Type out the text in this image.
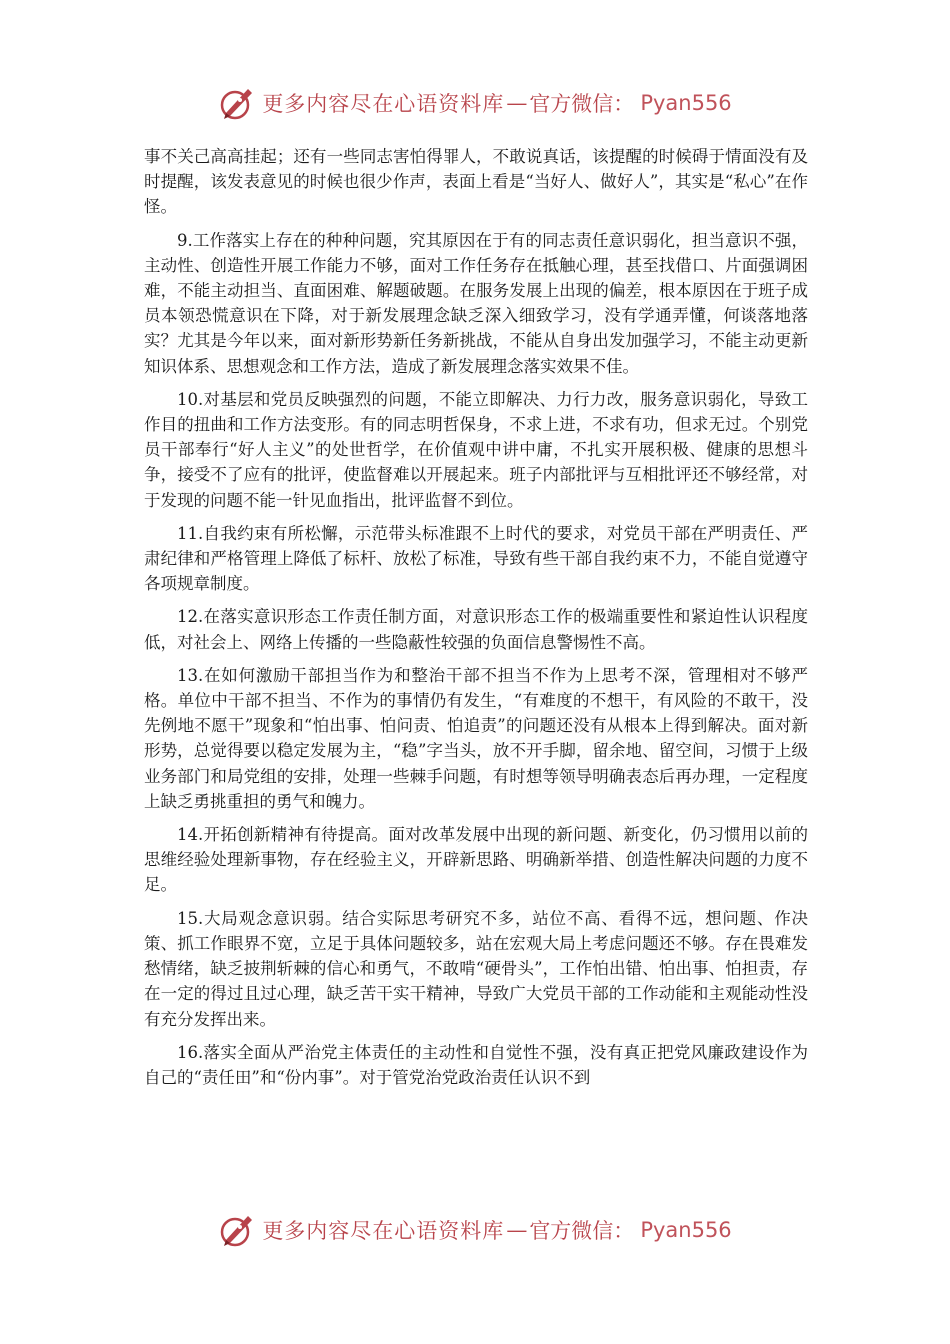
更多内容尽在心语资料库 — 官方微信： Pyan556

事不关己高高挂起；还有一些同志害怕得罪人，不敢说真话，该提醒的时候碍于情面没有及时提醒，该发表意见的时候也很少作声，表面上看是“当好人、做好人”，其实是“私心”在作怪。

9.工作落实上存在的种种问题，究其原因在于有的同志责任意识弱化，担当意识不强，主动性、创造性开展工作能力不够，面对工作任务存在抵触心理，甚至找借口、片面强调困难，不能主动担当、直面困难、解题破题。在服务发展上出现的偏差，根本原因在于班子成员本领恐慌意识在下降，对于新发展理念缺乏深入细致学习，没有学通弄懂，何谈落地落实？尤其是今年以来，面对新形势新任务新挑战，不能从自身出发加强学习，不能主动更新知识体系、思想观念和工作方法，造成了新发展理念落实效果不佳。

10.对基层和党员反映强烈的问题，不能立即解决、力行力改，服务意识弱化，导致工作目的扭曲和工作方法变形。有的同志明哲保身，不求上进，不求有功，但求无过。个别党员干部奉行“好人主义”的处世哲学，在价值观中讲中庸，不扎实开展积极、健康的思想斗争，接受不了应有的批评，使监督难以开展起来。班子内部批评与互相批评还不够经常，对于发现的问题不能一针见血指出，批评监督不到位。

11.自我约束有所松懈，示范带头标准跟不上时代的要求，对党员干部在严明责任、严肃纪律和严格管理上降低了标杆、放松了标准，导致有些干部自我约束不力，不能自觉遵守各项规章制度。

12.在落实意识形态工作责任制方面，对意识形态工作的极端重要性和紧迫性认识程度低，对社会上、网络上传播的一些隐蔽性较强的负面信息警惕性不高。

13.在如何激励干部担当作为和整治干部不担当不作为上思考不深，管理相对不够严格。单位中干部不担当、不作为的事情仍有发生，“有难度的不想干，有风险的不敢干，没先例地不愿干”现象和“怕出事、怕问责、怕追责”的问题还没有从根本上得到解决。面对新形势，总觉得要以稳定发展为主，“稳”字当头，放不开手脚，留余地、留空间，习惯于上级业务部门和局党组的安排，处理一些棘手问题，有时想等领导明确表态后再办理，一定程度上缺乏勇挑重担的勇气和魄力。

14.开拓创新精神有待提高。面对改革发展中出现的新问题、新变化，仍习惯用以前的思维经验处理新事物，存在经验主义，开辟新思路、明确新举措、创造性解决问题的力度不足。

15.大局观念意识弱。结合实际思考研究不多，站位不高、看得不远，想问题、作决策、抓工作眼界不宽，立足于具体问题较多，站在宏观大局上考虑问题还不够。存在畏难发愁情绪，缺乏披荆斩棘的信心和勇气，不敢啃“硬骨头”，工作怕出错、怕出事、怕担责，存在一定的得过且过心理，缺乏苦干实干精神，导致广大党员干部的工作动能和主观能动性没有充分发挥出来。

16.落实全面从严治党主体责任的主动性和自觉性不强，没有真正把党风廉政建设作为自己的“责任田”和“份内事”。对于管党治党政治责任认识不到

更多内容尽在心语资料库 — 官方微信： Pyan556
